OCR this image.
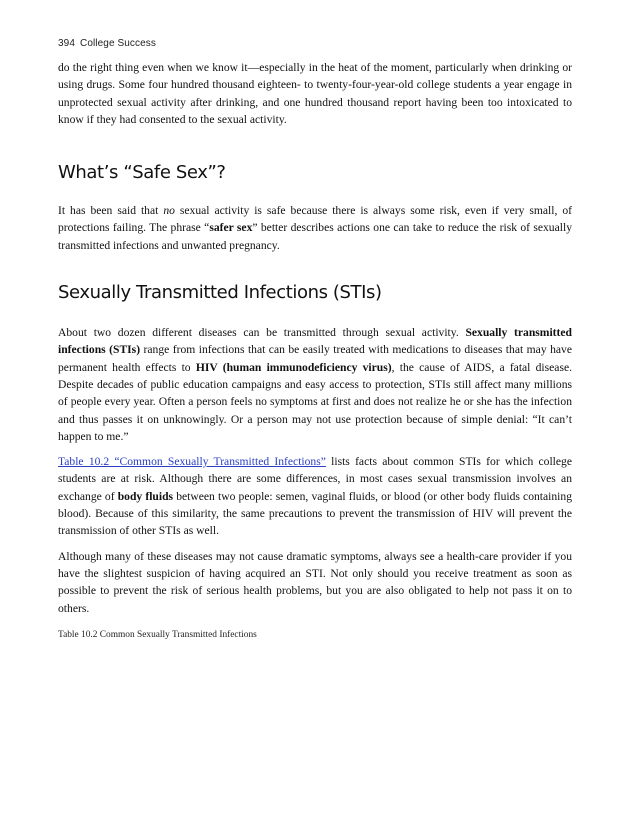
394 College Success

do the right thing even when we know it—especially in the heat of the moment, particularly when drinking or using drugs. Some four hundred thousand eighteen- to twenty-four-year-old college students a year engage in unprotected sexual activity after drinking, and one hundred thousand report having been too intoxicated to know if they had consented to the sexual activity.

What’s “Safe Sex”?

It has been said that no sexual activity is safe because there is always some risk, even if very small, of protections failing. The phrase “safer sex” better describes actions one can take to reduce the risk of sexually transmitted infections and unwanted pregnancy.

Sexually Transmitted Infections (STIs)

About two dozen different diseases can be transmitted through sexual activity. Sexually transmitted infections (STIs) range from infections that can be easily treated with medications to diseases that may have permanent health effects to HIV (human immunodeficiency virus), the cause of AIDS, a fatal disease. Despite decades of public education campaigns and easy access to protection, STIs still affect many millions of people every year. Often a person feels no symptoms at first and does not realize he or she has the infection and thus passes it on unknowingly. Or a person may not use protection because of simple denial: “It can’t happen to me.”

Table 10.2 “Common Sexually Transmitted Infections” lists facts about common STIs for which college students are at risk. Although there are some differences, in most cases sexual transmission involves an exchange of body fluids between two people: semen, vaginal fluids, or blood (or other body fluids containing blood). Because of this similarity, the same precautions to prevent the transmission of HIV will prevent the transmission of other STIs as well.

Although many of these diseases may not cause dramatic symptoms, always see a health-care provider if you have the slightest suspicion of having acquired an STI. Not only should you receive treatment as soon as possible to prevent the risk of serious health problems, but you are also obligated to help not pass it on to others.

Table 10.2 Common Sexually Transmitted Infections
